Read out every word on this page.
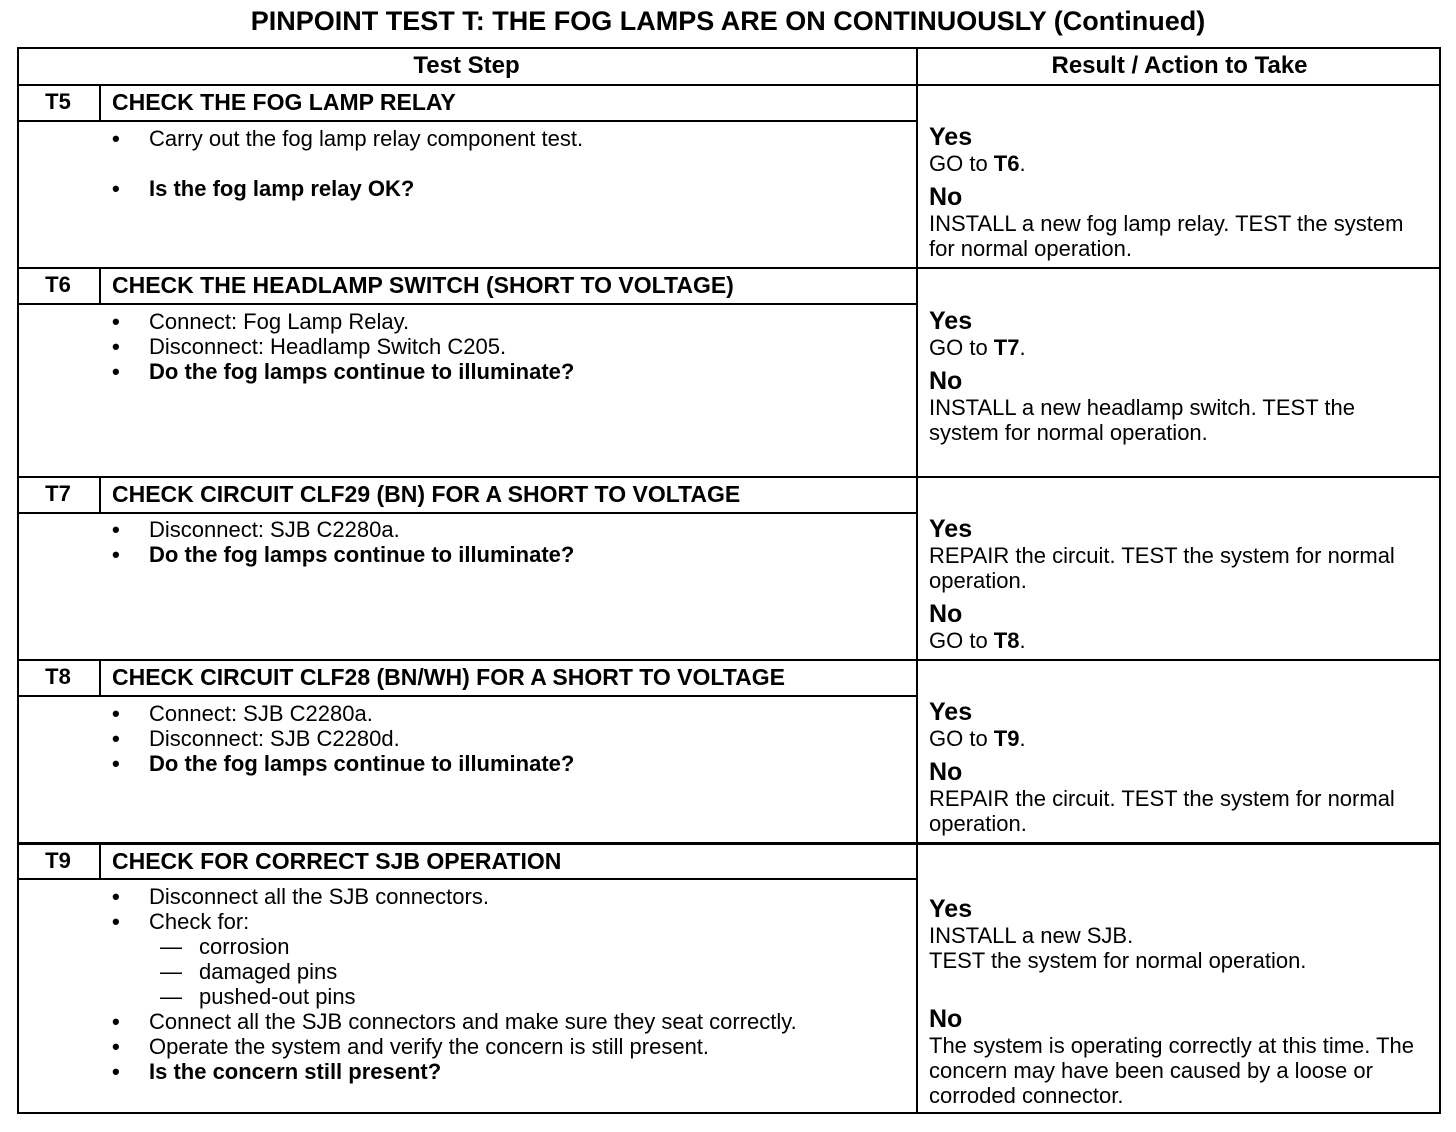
PINPOINT TEST T: THE FOG LAMPS ARE ON CONTINUOUSLY (Continued)
Test Step	Result / Action to Take
T5	CHECK THE FOG LAMP RELAY
• Carry out the fog lamp relay component test.
• Is the fog lamp relay OK?
Yes
GO to T6.
No
INSTALL a new fog lamp relay. TEST the system for normal operation.
T6	CHECK THE HEADLAMP SWITCH (SHORT TO VOLTAGE)
• Connect: Fog Lamp Relay.
• Disconnect: Headlamp Switch C205.
• Do the fog lamps continue to illuminate?
Yes
GO to T7.
No
INSTALL a new headlamp switch. TEST the system for normal operation.
T7	CHECK CIRCUIT CLF29 (BN) FOR A SHORT TO VOLTAGE
• Disconnect: SJB C2280a.
• Do the fog lamps continue to illuminate?
Yes
REPAIR the circuit. TEST the system for normal operation.
No
GO to T8.
T8	CHECK CIRCUIT CLF28 (BN/WH) FOR A SHORT TO VOLTAGE
• Connect: SJB C2280a.
• Disconnect: SJB C2280d.
• Do the fog lamps continue to illuminate?
Yes
GO to T9.
No
REPAIR the circuit. TEST the system for normal operation.
T9	CHECK FOR CORRECT SJB OPERATION
• Disconnect all the SJB connectors.
• Check for:
— corrosion
— damaged pins
— pushed-out pins
• Connect all the SJB connectors and make sure they seat correctly.
• Operate the system and verify the concern is still present.
• Is the concern still present?
Yes
INSTALL a new SJB.
TEST the system for normal operation.
No
The system is operating correctly at this time. The concern may have been caused by a loose or corroded connector.
